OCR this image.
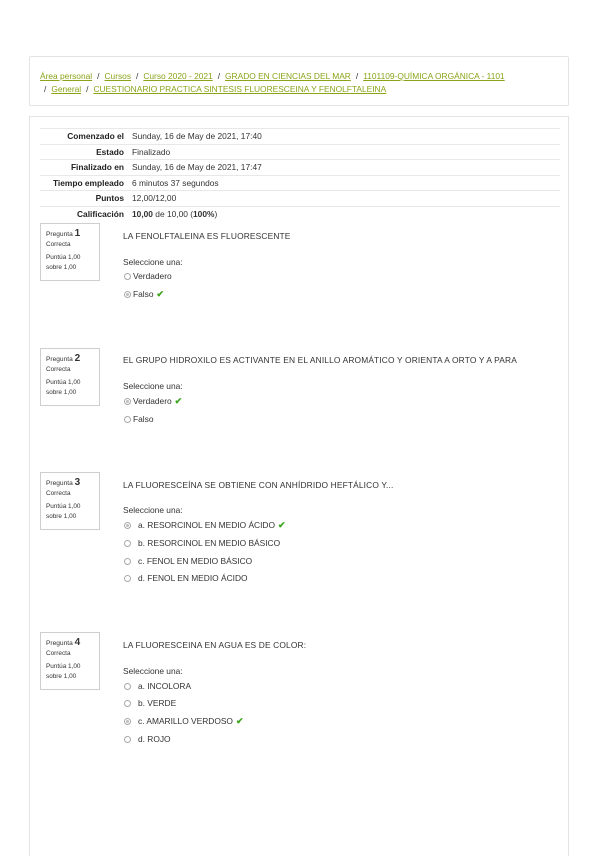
Área personal / Cursos / Curso 2020 - 2021 / GRADO EN CIENCIAS DEL MAR / 1101109-QUÍMICA ORGÁNICA - 1101
/ General / CUESTIONARIO PRACTICA SINTESIS FLUORESCEINA Y FENOLFTALEINA
Comenzado el	Sunday, 16 de May de 2021, 17:40
Estado	Finalizado
Finalizado en	Sunday, 16 de May de 2021, 17:47
Tiempo empleado	6 minutos 37 segundos
Puntos	12,00/12,00
Calificación	10,00 de 10,00 (100%)
Pregunta 1
Correcta
Puntúa 1,00
sobre 1,00
LA FENOLFTALEINA ES FLUORESCENTE
Seleccione una:
Verdadero
Falso ✔
Pregunta 2
Correcta
Puntúa 1,00
sobre 1,00
EL GRUPO HIDROXILO ES ACTIVANTE EN EL ANILLO AROMÁTICO Y ORIENTA A ORTO Y A PARA
Seleccione una:
Verdadero ✔
Falso
Pregunta 3
Correcta
Puntúa 1,00
sobre 1,00
LA FLUORESCEÍNA SE OBTIENE CON ANHÍDRIDO HEFTÁLICO Y...
Seleccione una:
a. RESORCINOL EN MEDIO ÁCIDO ✔
b. RESORCINOL EN MEDIO BÁSICO
c. FENOL EN MEDIO BÁSICO
d. FENOL EN MEDIO ÁCIDO
Pregunta 4
Correcta
Puntúa 1,00
sobre 1,00
LA FLUORESCEINA EN AGUA ES DE COLOR:
Seleccione una:
a. INCOLORA
b. VERDE
c. AMARILLO VERDOSO ✔
d. ROJO
